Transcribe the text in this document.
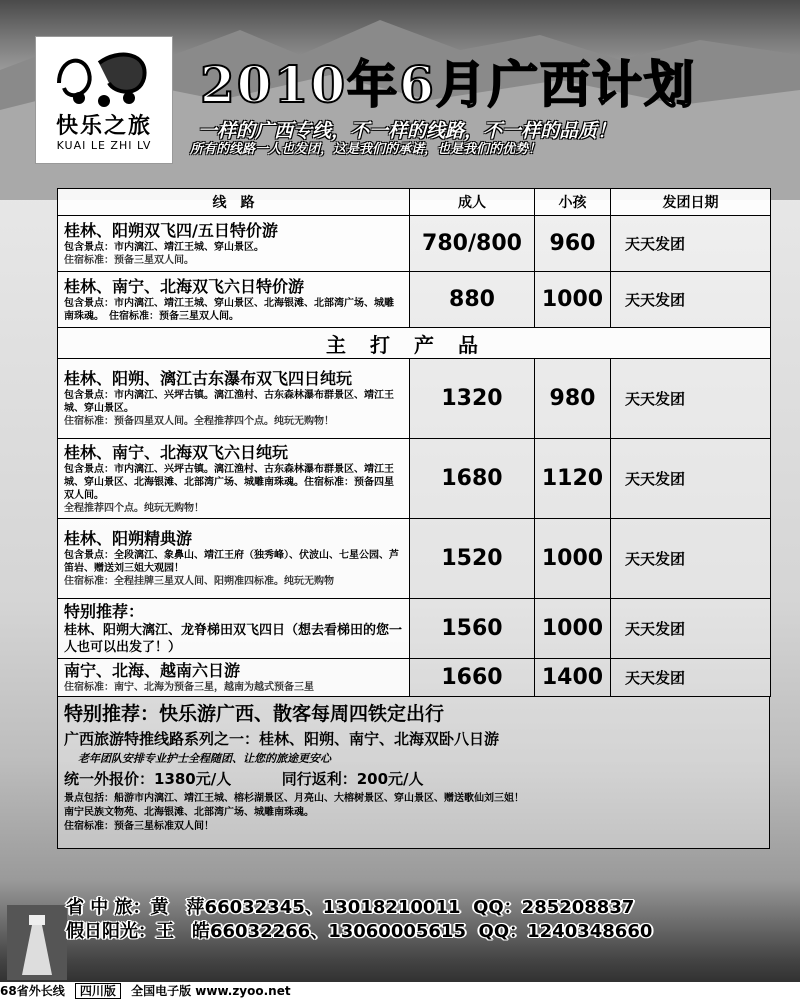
快乐之旅
KUAI LE ZHI LV
2010年6月广西计划
一样的广西专线，不一样的线路，不一样的品质！
所有的线路一人也发团，这是我们的承诺，也是我们的优势！
线　路	成人	小孩	发团日期

桂林、阳朔双飞四/五日特价游
包含景点：市内漓江、靖江王城、穿山景区。
住宿标准：预备三星双人间。	780/800	960	天天发团

桂林、南宁、北海双飞六日特价游
包含景点：市内漓江、靖江王城、穿山景区、北海银滩、北部湾广场、城雕南珠魂。　住宿标准：预备三星双人间。	880	1000	天天发团
主打产品			

桂林、阳朔、漓江古东瀑布双飞四日纯玩
包含景点：市内漓江、兴坪古镇。漓江渔村、古东森林瀑布群景区、靖江王城、穿山景区。
住宿标准：预备四星双人间。全程推荐四个点。纯玩无购物！	1320	980	天天发团

桂林、南宁、北海双飞六日纯玩
包含景点：市内漓江、兴坪古镇。漓江渔村、古东森林瀑布群景区、靖江王城、穿山景区、北海银滩、北部湾广场、城雕南珠魂。住宿标准：预备四星双人间。
全程推荐四个点。纯玩无购物！	1680	1120	天天发团

桂林、阳朔精典游
包含景点：全段漓江、象鼻山、靖江王府（独秀峰）、伏波山、七星公园、芦笛岩、赠送刘三姐大观园！
住宿标准：全程挂牌三星双人间、阳朔准四标准。纯玩无购物	1520	1000	天天发团

特别推荐：
桂林、阳朔大漓江、龙脊梯田双飞四日（想去看梯田的您一人也可以出发了！）	1560	1000	天天发团

南宁、北海、越南六日游
住宿标准：南宁、北海为预备三星，越南为越式预备三星	1660	1400	天天发团
特别推荐：快乐游广西、散客每周四铁定出行
广西旅游特推线路系列之一：桂林、阳朔、南宁、北海双卧八日游
老年团队安排专业护士全程随团、让您的旅途更安心
统一外报价：1380元/人	同行返利：200元/人
景点包括：船游市内漓江、靖江王城、榕杉湖景区、月亮山、大榕树景区、穿山景区、赠送歌仙刘三姐！
南宁民族文物苑、北海银滩、北部湾广场、城雕南珠魂。
住宿标准：预备三星标准双人间！
省 中 旅：黄　萍66032345、13018210011 QQ：285208837
假日阳光：王　皓66032266、13060005615 QQ：1240348660
68省外长线 四川版 全国电子版 www.zyoo.net
